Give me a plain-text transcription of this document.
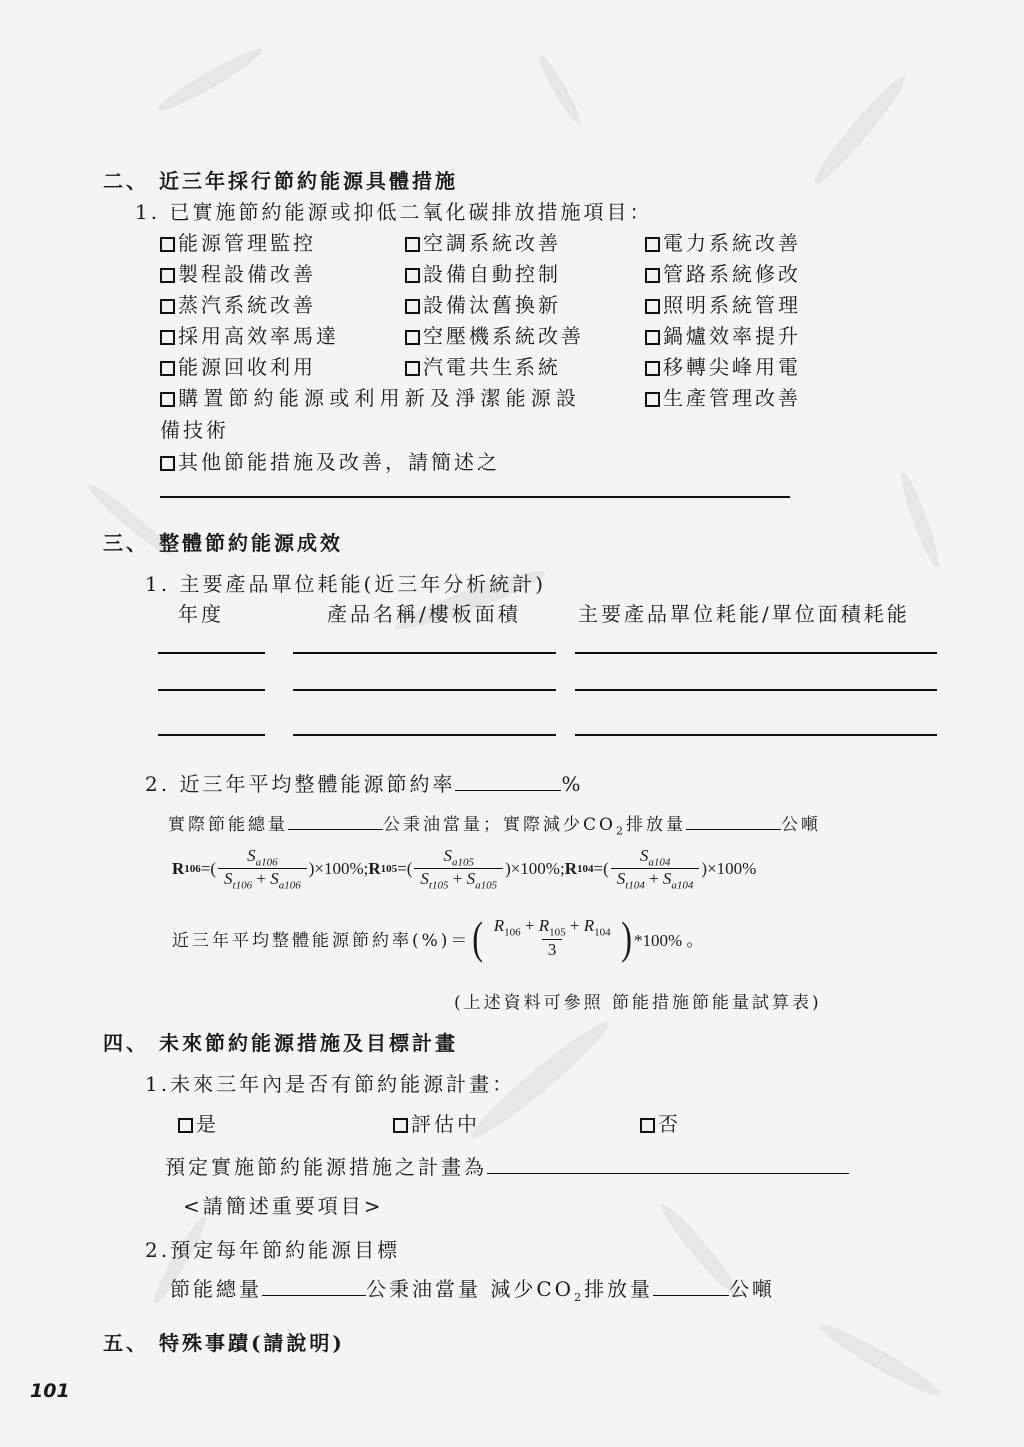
二、 近三年採行節約能源具體措施
1. 已實施節約能源或抑低二氧化碳排放措施項目：
能源管理監控	空調系統改善	電力系統改善
製程設備改善	設備自動控制	管路系統修改
蒸汽系統改善	設備汰舊換新	照明系統管理
採用高效率馬達	空壓機系統改善	鍋爐效率提升
能源回收利用	汽電共生系統	移轉尖峰用電
購置節約能源或利用新及淨潔能源設	生產管理改善
備技術
其他節能措施及改善，請簡述之
三、 整體節約能源成效
1. 主要產品單位耗能(近三年分析統計)
年度	產品名稱/樓板面積	主要產品單位耗能/單位面積耗能
2. 近三年平均整體能源節約率	%
實際節能總量	公秉油當量；實際減少$CO_2$排放量	公噸
R 106 = ( $\frac{S_{a106}}{S_{t106} + S_{a106}} )\times 100\%$ ; R 105 = ( $\frac{S_{a105}}{S_{t105} + S_{a105}} )\times 100\%$ ; R 104 = ( $\frac{S_{a104}}{S_{t104} + S_{a104}} )\times 100\%$
近三年平均整體能源節約率(%)＝ ( $\frac{R_{106} + R_{105} + R_{104}}{3}$ ) *100% 。
(上述資料可參照 節能措施節能量試算表)
四、 未來節約能源措施及目標計畫
1.未來三年內是否有節約能源計畫：
是	評估中	否
預定實施節約能源措施之計畫為
<請簡述重要項目>
2.預定每年節約能源目標
節能總量	公秉油當量 減少$CO_2$排放量	公噸
五、 特殊事蹟(請說明)
101
